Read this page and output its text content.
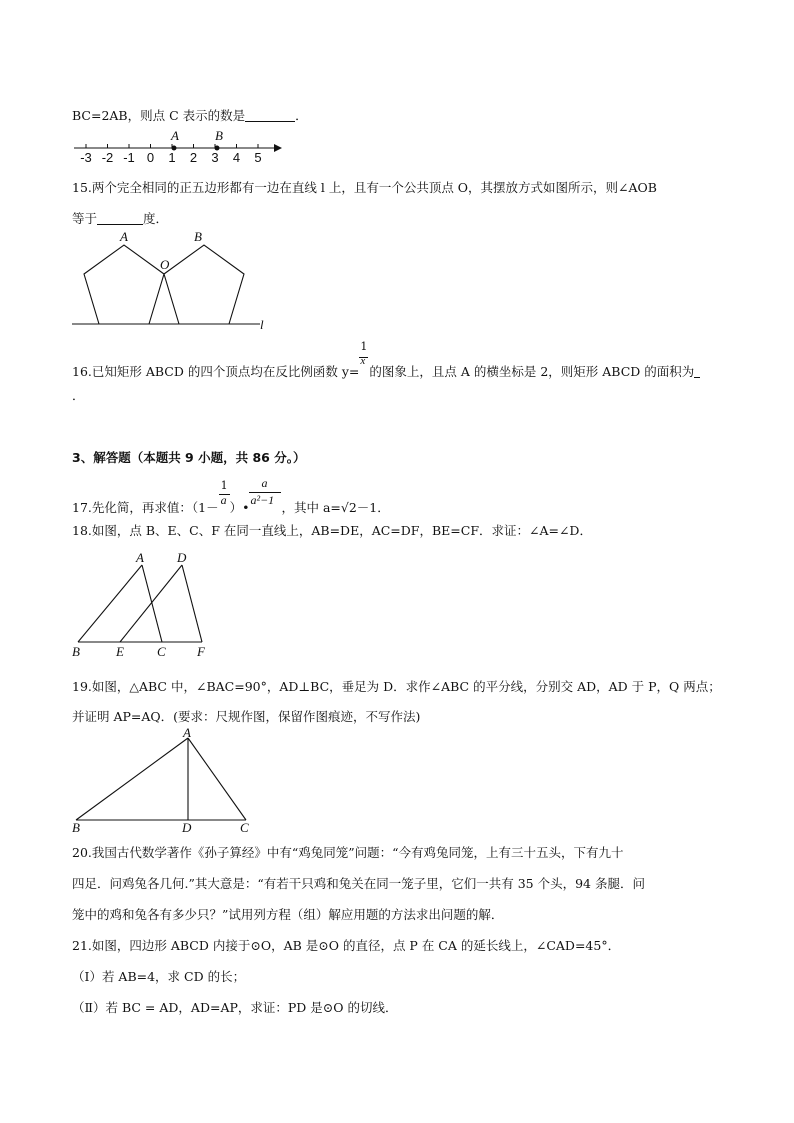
BC=2AB，则点 C 表示的数是	．
-3 -2 -1 0 1 2 3 4 5
A	B
15.两个完全相同的正五边形都有一边在直线 l 上，且有一个公共顶点 O，其摆放方式如图所示，则∠AOB
等于	度．
A
O
B
l
16.已知矩形 ABCD 的四个顶点均在反比例函数 $y= \frac{1}{x}$ 的图象上，且点 A 的横坐标是 2，则矩形 ABCD 的面积为
．
3、解答题（本题共 9 小题，共 86 分。）
17.先化简，再求值：（$1- \frac{1}{a}$ ）• $\frac{a}{\text{a²−1}}$ ，其中 a=√2－1．
18.如图，点 B、E、C、F 在同一直线上，AB=DE，AC=DF，BE=CF．求证：∠A=∠D．
A	D
B	E	C F
19.如图，△ABC 中，∠BAC=90°，AD⊥BC，垂足为 D．求作∠ABC 的平分线，分别交 AD，AD 于 P，Q 两点；
并证明 AP=AQ．(要求：尺规作图，保留作图痕迹，不写作法)
A
B	D	C
20.我国古代数学著作《孙子算经》中有“鸡兔同笼”问题：“今有鸡兔同笼，上有三十五头，下有九十
四足．问鸡兔各几何.”其大意是：“有若干只鸡和兔关在同一笼子里，它们一共有 35 个头，94 条腿．问
笼中的鸡和兔各有多少只？”试用列方程（组）解应用题的方法求出问题的解．
21.如图，四边形 ABCD 内接于⊙O，AB 是⊙O 的直径，点 P 在 CA 的延长线上，∠CAD=45°．
（Ⅰ）若 AB=4，求 CD 的长；
（Ⅱ）若 BC = AD，AD=AP，求证：PD 是⊙O 的切线．
